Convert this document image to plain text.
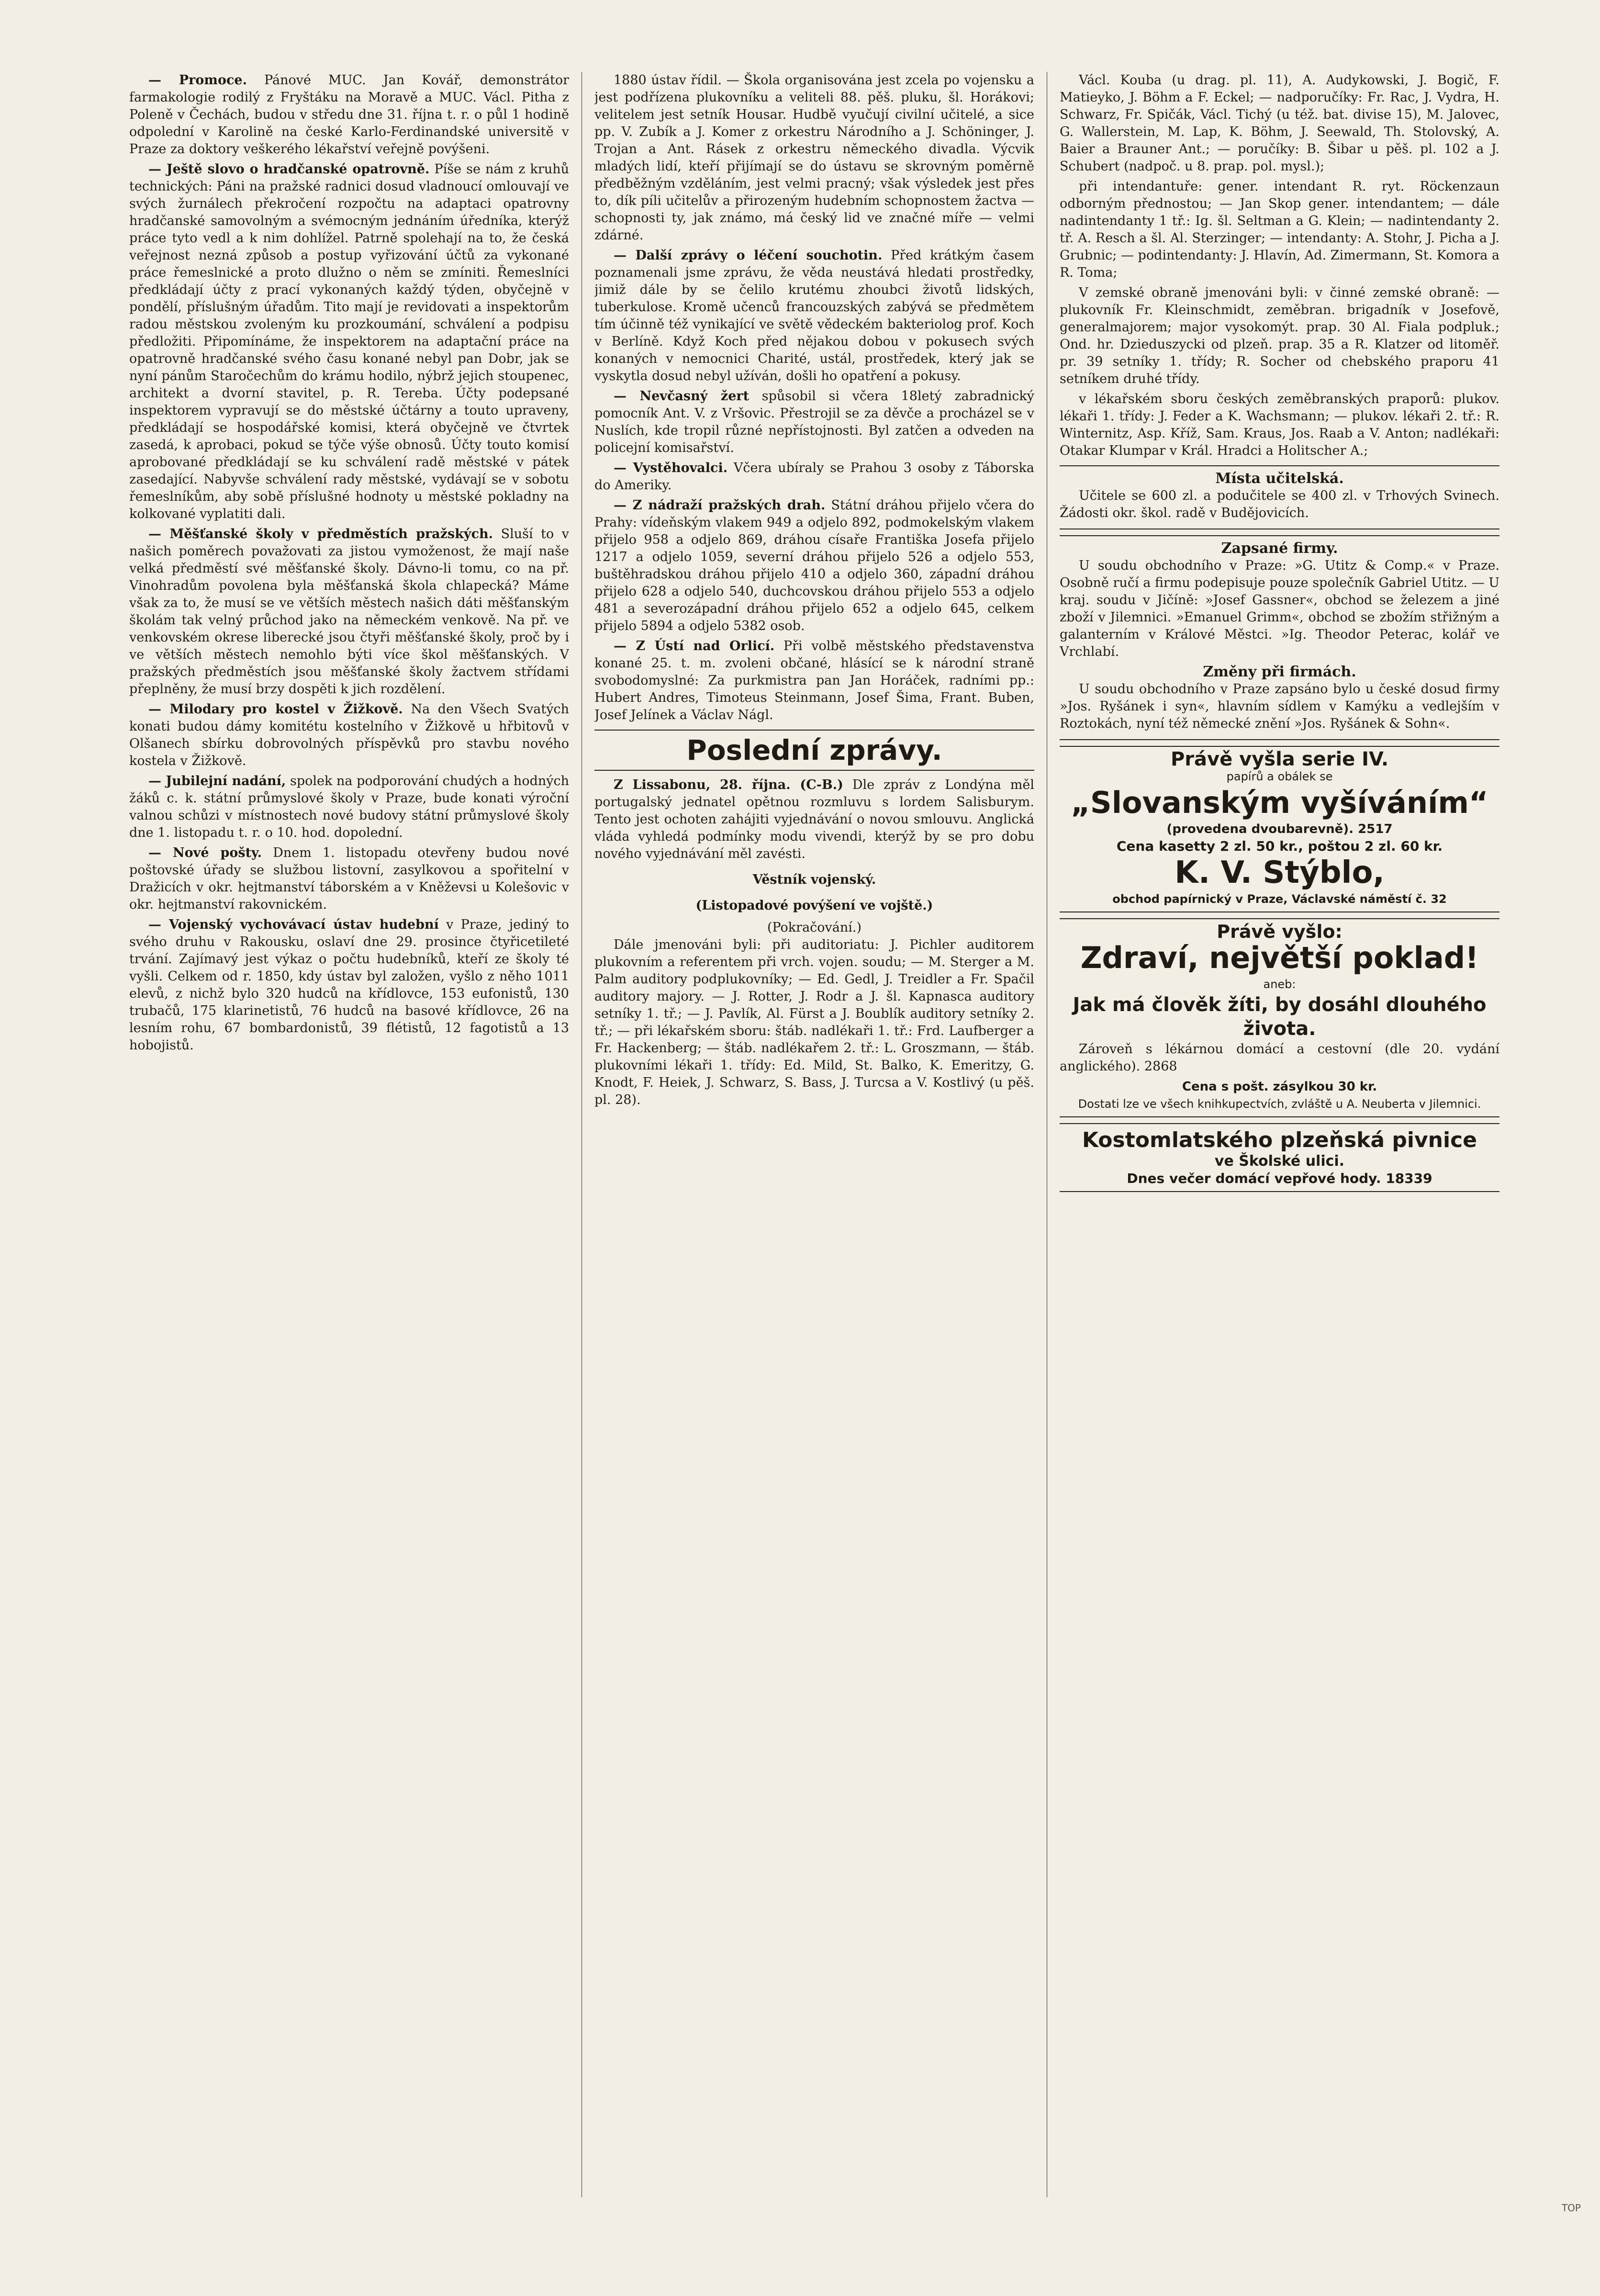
— Promoce. Pánové MUC. Jan Kovář, demonstrátor farmakologie rodilý z Fryštáku na Moravě a MUC. Václ. Pitha z Poleně v Čechách, budou v středu dne 31. října t. r. o půl 1 hodině odpolední v Karolině na české Karlo-Ferdinandské universitě v Praze za doktory veškerého lékařství veřejně povýšeni.

— Ještě slovo o hradčanské opatrovně. Píše se nám z kruhů technických: Páni na pražské radnici dosud vladnoucí omlouvají ve svých žurnálech překročení rozpočtu na adaptaci opatrovny hradčanské samovolným a svémocným jednáním úředníka, kterýž práce tyto vedl a k nim dohlížel. Patrně spolehají na to, že česká veřejnost nezná způsob a postup vyřizování účtů za vykonané práce řemeslnické a proto dlužno o něm se zmíniti. Řemeslníci předkládají účty z prací vykonaných každý týden, obyčejně v pondělí, příslušným úřadům. Tito mají je revidovati a inspektorům radou městskou zvoleným ku prozkoumání, schválení a podpisu předložiti. Připomínáme, že inspektorem na adaptační práce na opatrovně hradčanské svého času konané nebyl pan Dobr, jak se nyní pánům Staročechům do krámu hodilo, nýbrž jejich stoupenec, architekt a dvorní stavitel, p. R. Tereba. Účty podepsané inspektorem vypravují se do městské účtárny a touto upraveny, předkládají se hospodářské komisi, která obyčejně ve čtvrtek zasedá, k aprobaci, pokud se týče výše obnosů. Účty touto komisí aprobované předkládají se ku schválení radě městské v pátek zasedající. Nabyvše schválení rady městské, vydávají se v sobotu řemeslníkům, aby sobě příslušné hodnoty u městské pokladny na kolkované vyplatiti dali.

— Měšťanské školy v předměstích pražských. Sluší to v našich poměrech považovati za jistou vymoženost, že mají naše velká předměstí své měšťanské školy. Dávno-li tomu, co na př. Vinohradům povolena byla měšťanská škola chlapecká? Máme však za to, že musí se ve větších městech našich dáti měšťanským školám tak velný průchod jako na německém venkově. Na př. ve venkovském okrese liberecké jsou čtyři měšťanské školy, proč by i ve větších městech nemohlo býti více škol měšťanských. V pražských předměstích jsou měšťanské školy žactvem střídami přeplněny, že musí brzy dospěti k jich rozdělení.

— Milodary pro kostel v Žižkově. Na den Všech Svatých konati budou dámy komitétu kostelního v Žižkově u hřbitovů v Olšanech sbírku dobrovolných příspěvků pro stavbu nového kostela v Žižkově.

— Jubilejní nadání, spolek na podporování chudých a hodných žáků c. k. státní průmyslové školy v Praze, bude konati výroční valnou schůzi v místnostech nové budovy státní průmyslové školy dne 1. listopadu t. r. o 10. hod. dopolední.

— Nové pošty. Dnem 1. listopadu otevřeny budou nové poštovské úřady se službou listovní, zasylkovou a spořitelní v Dražicích v okr. hejtmanství táborském a v Kněževsi u Kolešovic v okr. hejtmanství rakovnickém.

— Vojenský vychovávací ústav hudební v Praze, jediný to svého druhu v Rakousku, oslaví dne 29. prosince čtyřicetileté trvání. Zajímavý jest výkaz o počtu hudebníků, kteří ze školy té vyšli. Celkem od r. 1850, kdy ústav byl založen, vyšlo z něho 1011 elevů, z nichž bylo 320 hudců na křídlovce, 153 eufonistů, 130 trubačů, 175 klarinetistů, 76 hudců na basové křídlovce, 26 na lesním rohu, 67 bombardonistů, 39 flétistů, 12 fagotistů a 13 hobojistů.

1880 ústav řídil. — Škola organisována jest zcela po vojensku a jest podřízena plukovníku a veliteli 88. pěš. pluku, šl. Horákovi; velitelem jest setník Housar. Hudbě vyučují civilní učitelé, a sice pp. V. Zubík a J. Komer z orkestru Národního a J. Schöninger, J. Trojan a Ant. Rásek z orkestru německého divadla. Výcvik mladých lidí, kteří přijímají se do ústavu se skrovným poměrně předběžným vzděláním, jest velmi pracný; však výsledek jest přes to, dík píli učitelův a přirozeným hudebním schopnostem žactva — schopnosti ty, jak známo, má český lid ve značné míře — velmi zdárné.

— Další zprávy o léčení souchotin. Před krátkým časem poznamenali jsme zprávu, že věda neustává hledati prostředky, jimiž dále by se čelilo krutému zhoubci životů lidských, tuberkulose. Kromě učenců francouzských zabývá se předmětem tím účinně též vynikající ve světě vědeckém bakteriolog prof. Koch v Berlíně. Když Koch před nějakou dobou v pokusech svých konaných v nemocnici Charité, ustál, prostředek, který jak se vyskytla dosud nebyl užíván, došli ho opatření a pokusy.

— Nevčasný žert spůsobil si včera 18letý zabradnický pomocník Ant. V. z Vršovic. Přestrojil se za děvče a procházel se v Nuslích, kde tropil různé nepřístojnosti. Byl zatčen a odveden na policejní komisařství.

— Vystěhovalci. Včera ubíraly se Prahou 3 osoby z Táborska do Ameriky.

— Z nádraží pražských drah. Státní dráhou přijelo včera do Prahy: vídeňským vlakem 949 a odjelo 892, podmokelským vlakem přijelo 958 a odjelo 869, dráhou císaře Františka Josefa přijelo 1217 a odjelo 1059, severní dráhou přijelo 526 a odjelo 553, buštěhradskou dráhou přijelo 410 a odjelo 360, západní dráhou přijelo 628 a odjelo 540, duchcovskou dráhou přijelo 553 a odjelo 481 a severozápadní dráhou přijelo 652 a odjelo 645, celkem přijelo 5894 a odjelo 5382 osob.

— Z Ústí nad Orlicí. Při volbě městského představenstva konané 25. t. m. zvoleni občané, hlásící se k národní straně svobodomyslné: Za purkmistra pan Jan Horáček, radními pp.: Hubert Andres, Timoteus Steinmann, Josef Šima, Frant. Buben, Josef Jelínek a Václav Nágl.

Poslední zprávy.

Z Lissabonu, 28. října. (C-B.) Dle zpráv z Londýna měl portugalský jednatel opětnou rozmluvu s lordem Salisburym. Tento jest ochoten zahájiti vyjednávání o novou smlouvu. Anglická vláda vyhledá podmínky modu vivendi, kterýž by se pro dobu nového vyjednávání měl zavésti.

Věstník vojenský.
(Listopadové povýšení ve vojště.)
(Pokračování.)

Dále jmenováni byli: při auditoriatu: J. Pichler auditorem plukovním a referentem při vrch. vojen. soudu; — M. Sterger a M. Palm auditory podplukovníky; — Ed. Gedl, J. Treidler a Fr. Spačil auditory majory. — J. Rotter, J. Rodr a J. šl. Kapnasca auditory setníky 1. tř.; — J. Pavlík, Al. Fürst a J. Boublík auditory setníky 2. tř.; — při lékařském sboru: štáb. nadlékaři 1. tř.: Frd. Laufberger a Fr. Hackenberg; — štáb. nadlékařem 2. tř.: L. Groszmann, — štáb. plukovními lékaři 1. třídy: Ed. Mild, St. Balko, K. Emeritzy, G. Knodt, F. Heiek, J. Schwarz, S. Bass, J. Turcsa a V. Kostlivý (u pěš. pl. 28).

Václ. Kouba (u drag. pl. 11), A. Audykowski, J. Bogič, F. Matieyko, J. Böhm a F. Eckel; — nadporučíky: Fr. Rac, J. Vydra, H. Schwarz, Fr. Spičák, Václ. Tichý (u též. bat. divise 15), M. Jalovec, G. Wallerstein, M. Lap, K. Böhm, J. Seewald, Th. Stolovský, A. Baier a Brauner Ant.; — poručíky: B. Šibar u pěš. pl. 102 a J. Schubert (nadpoč. u 8. prap. pol. mysl.);

při intendantuře: gener. intendant R. ryt. Röckenzaun odborným přednostou; — Jan Skop gener. intendantem; — dále nadintendanty 1 tř.: Ig. šl. Seltman a G. Klein; — nadintendanty 2. tř. A. Resch a šl. Al. Sterzinger; — intendanty: A. Stohr, J. Picha a J. Grubnic; — podintendanty: J. Hlavín, Ad. Zimermann, St. Komora a R. Toma;

V zemské obraně jmenováni byli: v činné zemské obraně: — plukovník Fr. Kleinschmidt, zeměbran. brigadník v Josefově, generalmajorem; major vysokomýt. prap. 30 Al. Fiala podpluk.; Ond. hr. Dzieduszycki od plzeň. prap. 35 a R. Klatzer od litoměř. pr. 39 setníky 1. třídy; R. Socher od chebského praporu 41 setníkem druhé třídy.

v lékařském sboru českých zeměbranských praporů: plukov. lékaři 1. třídy: J. Feder a K. Wachsmann; — plukov. lékaři 2. tř.: R. Winternitz, Asp. Kříž, Sam. Kraus, Jos. Raab a V. Anton; nadlékaři: Otakar Klumpar v Král. Hradci a Holitscher A.;

Místa učitelská.

Učitele se 600 zl. a podučitele se 400 zl. v Trhových Svinech. Žádosti okr. škol. radě v Budějovicích.

Zapsané firmy.

U soudu obchodního v Praze: »G. Utitz & Comp.« v Praze. Osobně ručí a firmu podepisuje pouze společník Gabriel Utitz. — U kraj. soudu v Jičíně: »Josef Gassner«, obchod se železem a jiné zboží v Jilemnici. »Emanuel Grimm«, obchod se zbožím střižným a galanterním v Králové Městci. »Ig. Theodor Peterac, kolář ve Vrchlabí.

Změny při firmách.

U soudu obchodního v Praze zapsáno bylo u české dosud firmy »Jos. Ryšánek i syn«, hlavním sídlem v Kamýku a vedlejším v Roztokách, nyní též německé znění »Jos. Ryšánek & Sohn«.

Právě vyšla serie IV.
papírů a obálek se
„Slovanským vyšíváním“
(provedena dvoubarevně). 2517
Cena kasetty 2 zl. 50 kr., poštou 2 zl. 60 kr.
K. V. Stýblo,
obchod papírnický v Praze, Václavské náměstí č. 32
Právě vyšlo:
Zdraví, největší poklad!
aneb:
Jak má člověk žíti, by dosáhl dlouhého života.

Zároveň s lékárnou domácí a cestovní (dle 20. vydání anglického). 2868

Cena s pošt. zásylkou 30 kr.
Dostati lze ve všech knihkupectvích, zvláště u A. Neuberta v Jilemnici.
Kostomlatského plzeňská pivnice
ve Školské ulici.
Dnes večer domácí vepřové hody. 18339
TOP
